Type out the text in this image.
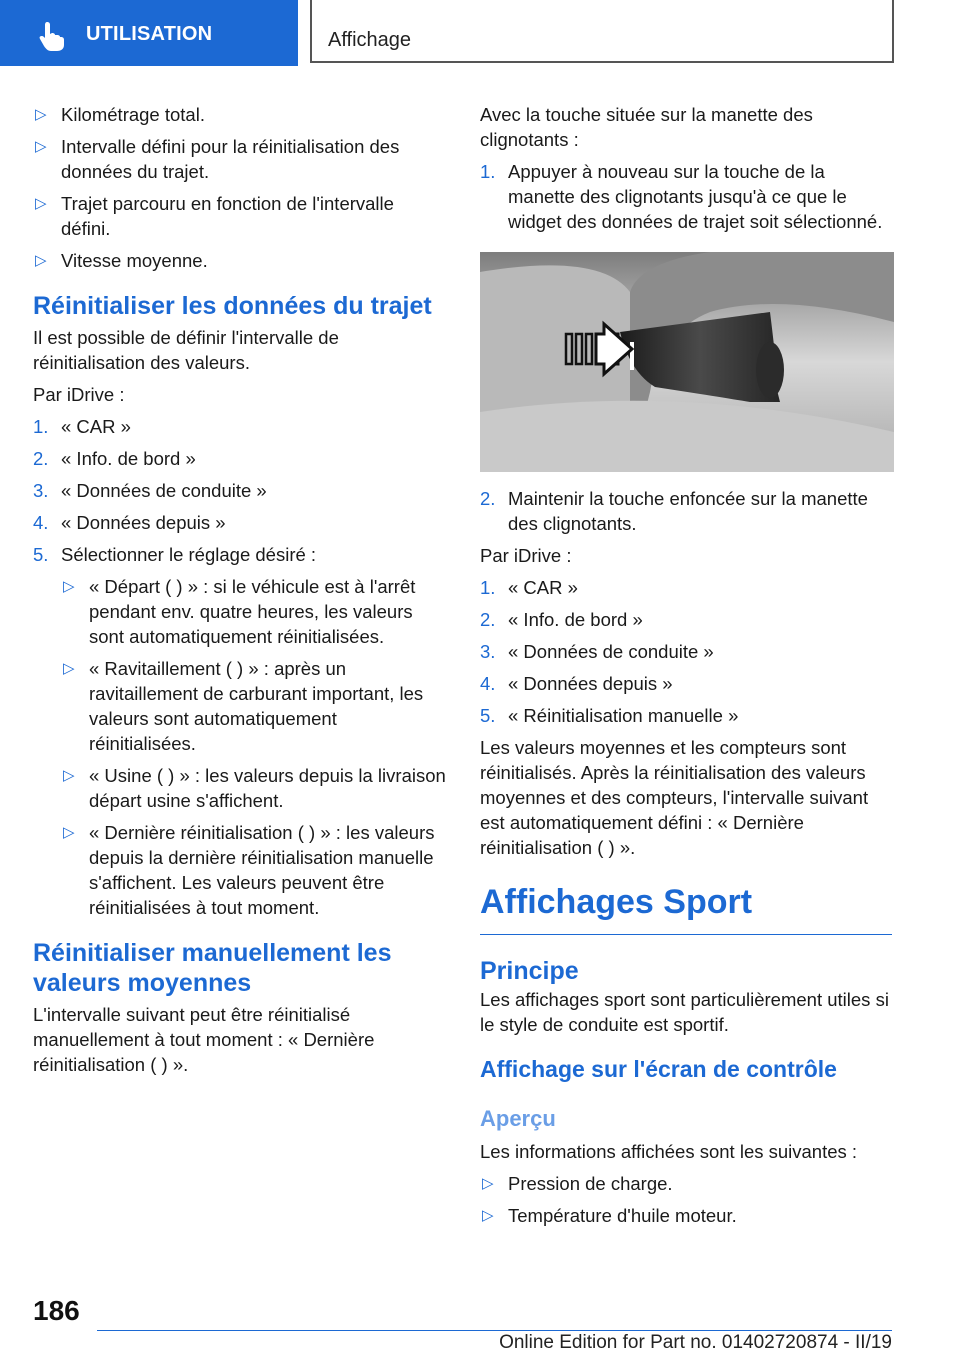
UTILISATION	Affichage
▷ Kilométrage total.
▷ Intervalle défini pour la réinitialisation des données du trajet.
▷ Trajet parcouru en fonction de l'intervalle défini.
▷ Vitesse moyenne.
Réinitialiser les données du trajet

Il est possible de définir l'intervalle de réinitialisation des valeurs.

Par iDrive :

1. « CAR »
2. « Info. de bord »
3. « Données de conduite »
4. « Données depuis »
5. Sélectionner le réglage désiré :
▷ « Départ ( ) » : si le véhicule est à l'arrêt pendant env. quatre heures, les valeurs sont automatiquement réinitialisées.
▷ « Ravitaillement ( ) » : après un ravitaillement de carburant important, les valeurs sont automatiquement réinitialisées.
▷ « Usine ( ) » : les valeurs depuis la livraison départ usine s'affichent.
▷ « Dernière réinitialisation ( ) » : les valeurs depuis la dernière réinitialisation manuelle s'affichent. Les valeurs peuvent être réinitialisées à tout moment.
Réinitialiser manuellement les valeurs moyennes

L'intervalle suivant peut être réinitialisé manuellement à tout moment : « Dernière réinitialisation ( ) ».

Avec la touche située sur la manette des clignotants :

1. Appuyer à nouveau sur la touche de la manette des clignotants jusqu'à ce que le widget des données de trajet soit sélectionné.
2. Maintenir la touche enfoncée sur la manette des clignotants.

Par iDrive :

1. « CAR »
2. « Info. de bord »
3. « Données de conduite »
4. « Données depuis »
5. « Réinitialisation manuelle »

Les valeurs moyennes et les compteurs sont réinitialisés. Après la réinitialisation des valeurs moyennes et des compteurs, l'intervalle suivant est automatiquement défini : « Dernière réinitialisation ( ) ».

Affichages Sport
Principe

Les affichages sport sont particulièrement utiles si le style de conduite est sportif.

Affichage sur l'écran de contrôle
Aperçu

Les informations affichées sont les suivantes :

▷ Pression de charge.
▷ Température d'huile moteur.
186
Online Edition for Part no. 01402720874 - II/19
